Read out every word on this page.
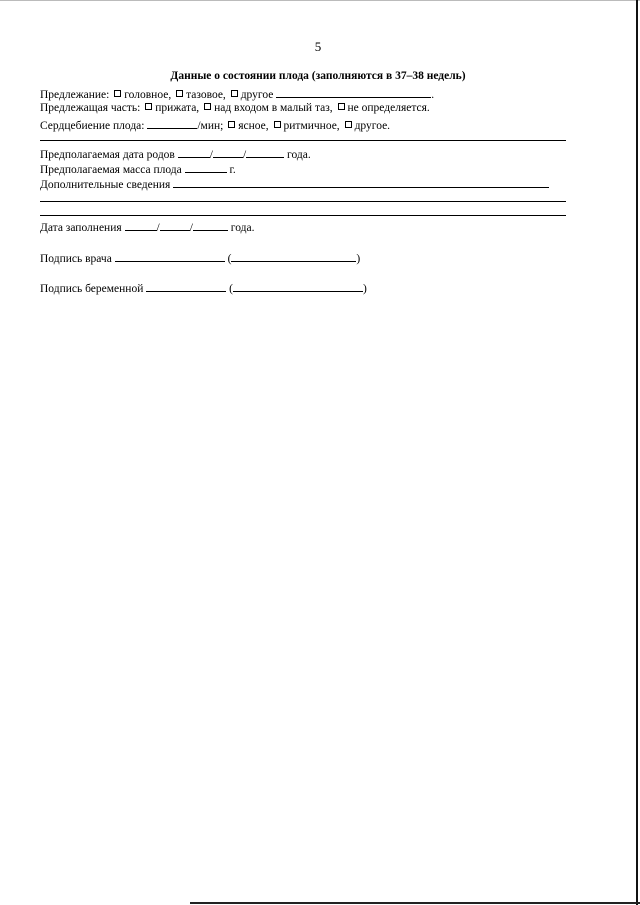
5
Данные о состоянии плода (заполняются в 37–38 недель)
Предлежание: головное, тазовое, другое	.
Предлежащая часть: прижата, над входом в малый таз, не определяется.
Сердцебиение плода:	/мин; ясное, ритмичное, другое.
Предполагаемая дата родов	/	/	года.
Предполагаемая масса плода	г.
Дополнительные сведения
Дата заполнения	/	/	года.
Подпись врача	(	)
Подпись беременной	(	)
